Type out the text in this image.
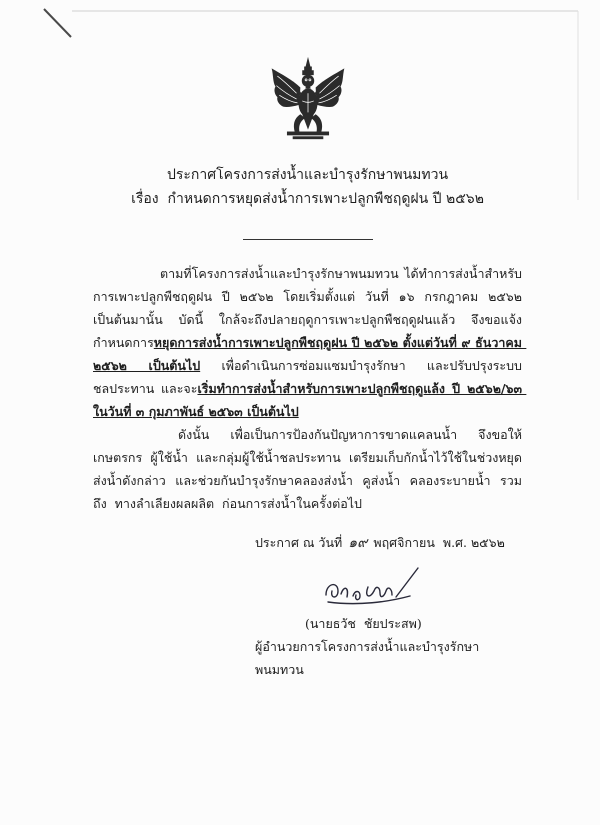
ประกาศโครงการส่งน้ำและบำรุงรักษาพนมทวน
เรื่อง  กำหนดการหยุดส่งน้ำการเพาะปลูกพืชฤดูฝน ปี ๒๕๖๒

ตามที่โครงการส่งน้ำและบำรุงรักษาพนมทวน ได้ทำการส่งน้ำสำหรับการเพาะปลูกพืชฤดูฝน ปี ๒๕๖๒ โดยเริ่มตั้งแต่ วันที่ ๑๖ กรกฎาคม ๒๕๖๒ เป็นต้นมานั้น บัดนี้ ใกล้จะถึงปลายฤดูการเพาะปลูกพืชฤดูฝนแล้ว จึงขอแจ้งกำหนดการหยุดการส่งน้ำการเพาะปลูกพืชฤดูฝน ปี ๒๕๖๒ ตั้งแต่วันที่ ๙ ธันวาคม ๒๕๖๒ เป็นต้นไป เพื่อดำเนินการซ่อมแซมบำรุงรักษา และปรับปรุงระบบชลประทาน และจะเริ่มทำการส่งน้ำสำหรับการเพาะปลูกพืชฤดูแล้ง ปี ๒๕๖๒/๖๓ ในวันที่ ๓ กุมภาพันธ์ ๒๕๖๓ เป็นต้นไป

ดังนั้น เพื่อเป็นการป้องกันปัญหาการขาดแคลนน้ำ จึงขอให้ เกษตรกร  ผู้ใช้น้ำ  และกลุ่มผู้ใช้น้ำชลประทาน  เตรียมเก็บกักน้ำไว้ใช้ในช่วงหยุดส่งน้ำดังกล่าว  และช่วยกันบำรุงรักษาคลองส่งน้ำ  คูส่งน้ำ  คลองระบายน้ำ  รวมถึง  ทางลำเลียงผลผลิต  ก่อนการส่งน้ำในครั้งต่อไป

ประกาศ ณ วันที่ ๑๙ พฤศจิกายน  พ.ศ. ๒๕๖๒
(นายธวัช  ชัยประสพ)
ผู้อำนวยการโครงการส่งน้ำและบำรุงรักษาพนมทวน
